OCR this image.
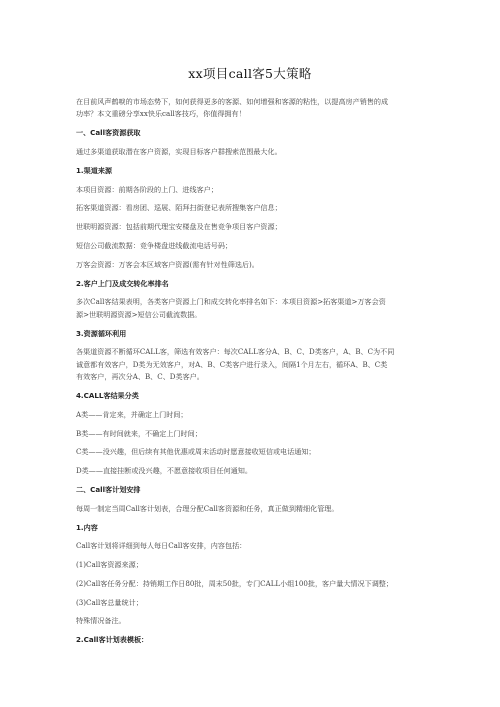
xx项目call客5大策略
在目前风声鹤唳的市场态势下，如何获得更多的客源、如何增强和客源的粘性，以提高房产销售的成
功率？本文重磅分享xx快乐call客技巧，你值得拥有！
一、Call客资源获取
通过多渠道获取潜在客户资源，实现目标客户群搜索范围最大化。
1.渠道来源
本项目资源：前期各阶段的上门、进线客户；
拓客渠道资源：看房团、巡展、陌拜扫街登记表所搜集客户信息；
世联明源资源：包括前期代理宝安楼盘及在售竞争项目客户资源；
短信公司截流数据：竞争楼盘进线截流电话号码；
万客会资源：万客会本区域客户资源(需有针对性筛选后)。
2.客户上门及成交转化率排名
多次Call客结果表明，各类客户资源上门和成交转化率排名如下：本项目资源>拓客渠道>万客会资
源>世联明源资源>短信公司截流数据。
3.资源循环利用
各渠道资源不断循环CALL客，筛选有效客户：每次CALL客分A、B、C、D类客户，A、B、C为不同
诚意都有效客户，D类为无效客户，对A、B、C类客户进行录入，间隔1个月左右，循环A、B、C类
有效客户，再次分A、B、C、D类客户。
4.CALL客结果分类
A类——肯定来，并确定上门时间；
B类——有时间就来，不确定上门时间；
C类——没兴趣，但后续有其他优惠或周末活动时愿意接收短信或电话通知；
D类——直接挂断或没兴趣，不愿意接收项目任何通知。
二、Call客计划安排
每周一制定当周Call客计划表，合理分配Call客资源和任务，真正做到精细化管理。
1.内容
Call客计划将详细到每人每日Call客安排，内容包括：
(1)Call客资源来源；
(2)Call客任务分配：持销期工作日80批，周末50批，专门CALL小组100批，客户量大情况下调整；
(3)Call客总量统计；
特殊情况备注。
2.Call客计划表模板：
